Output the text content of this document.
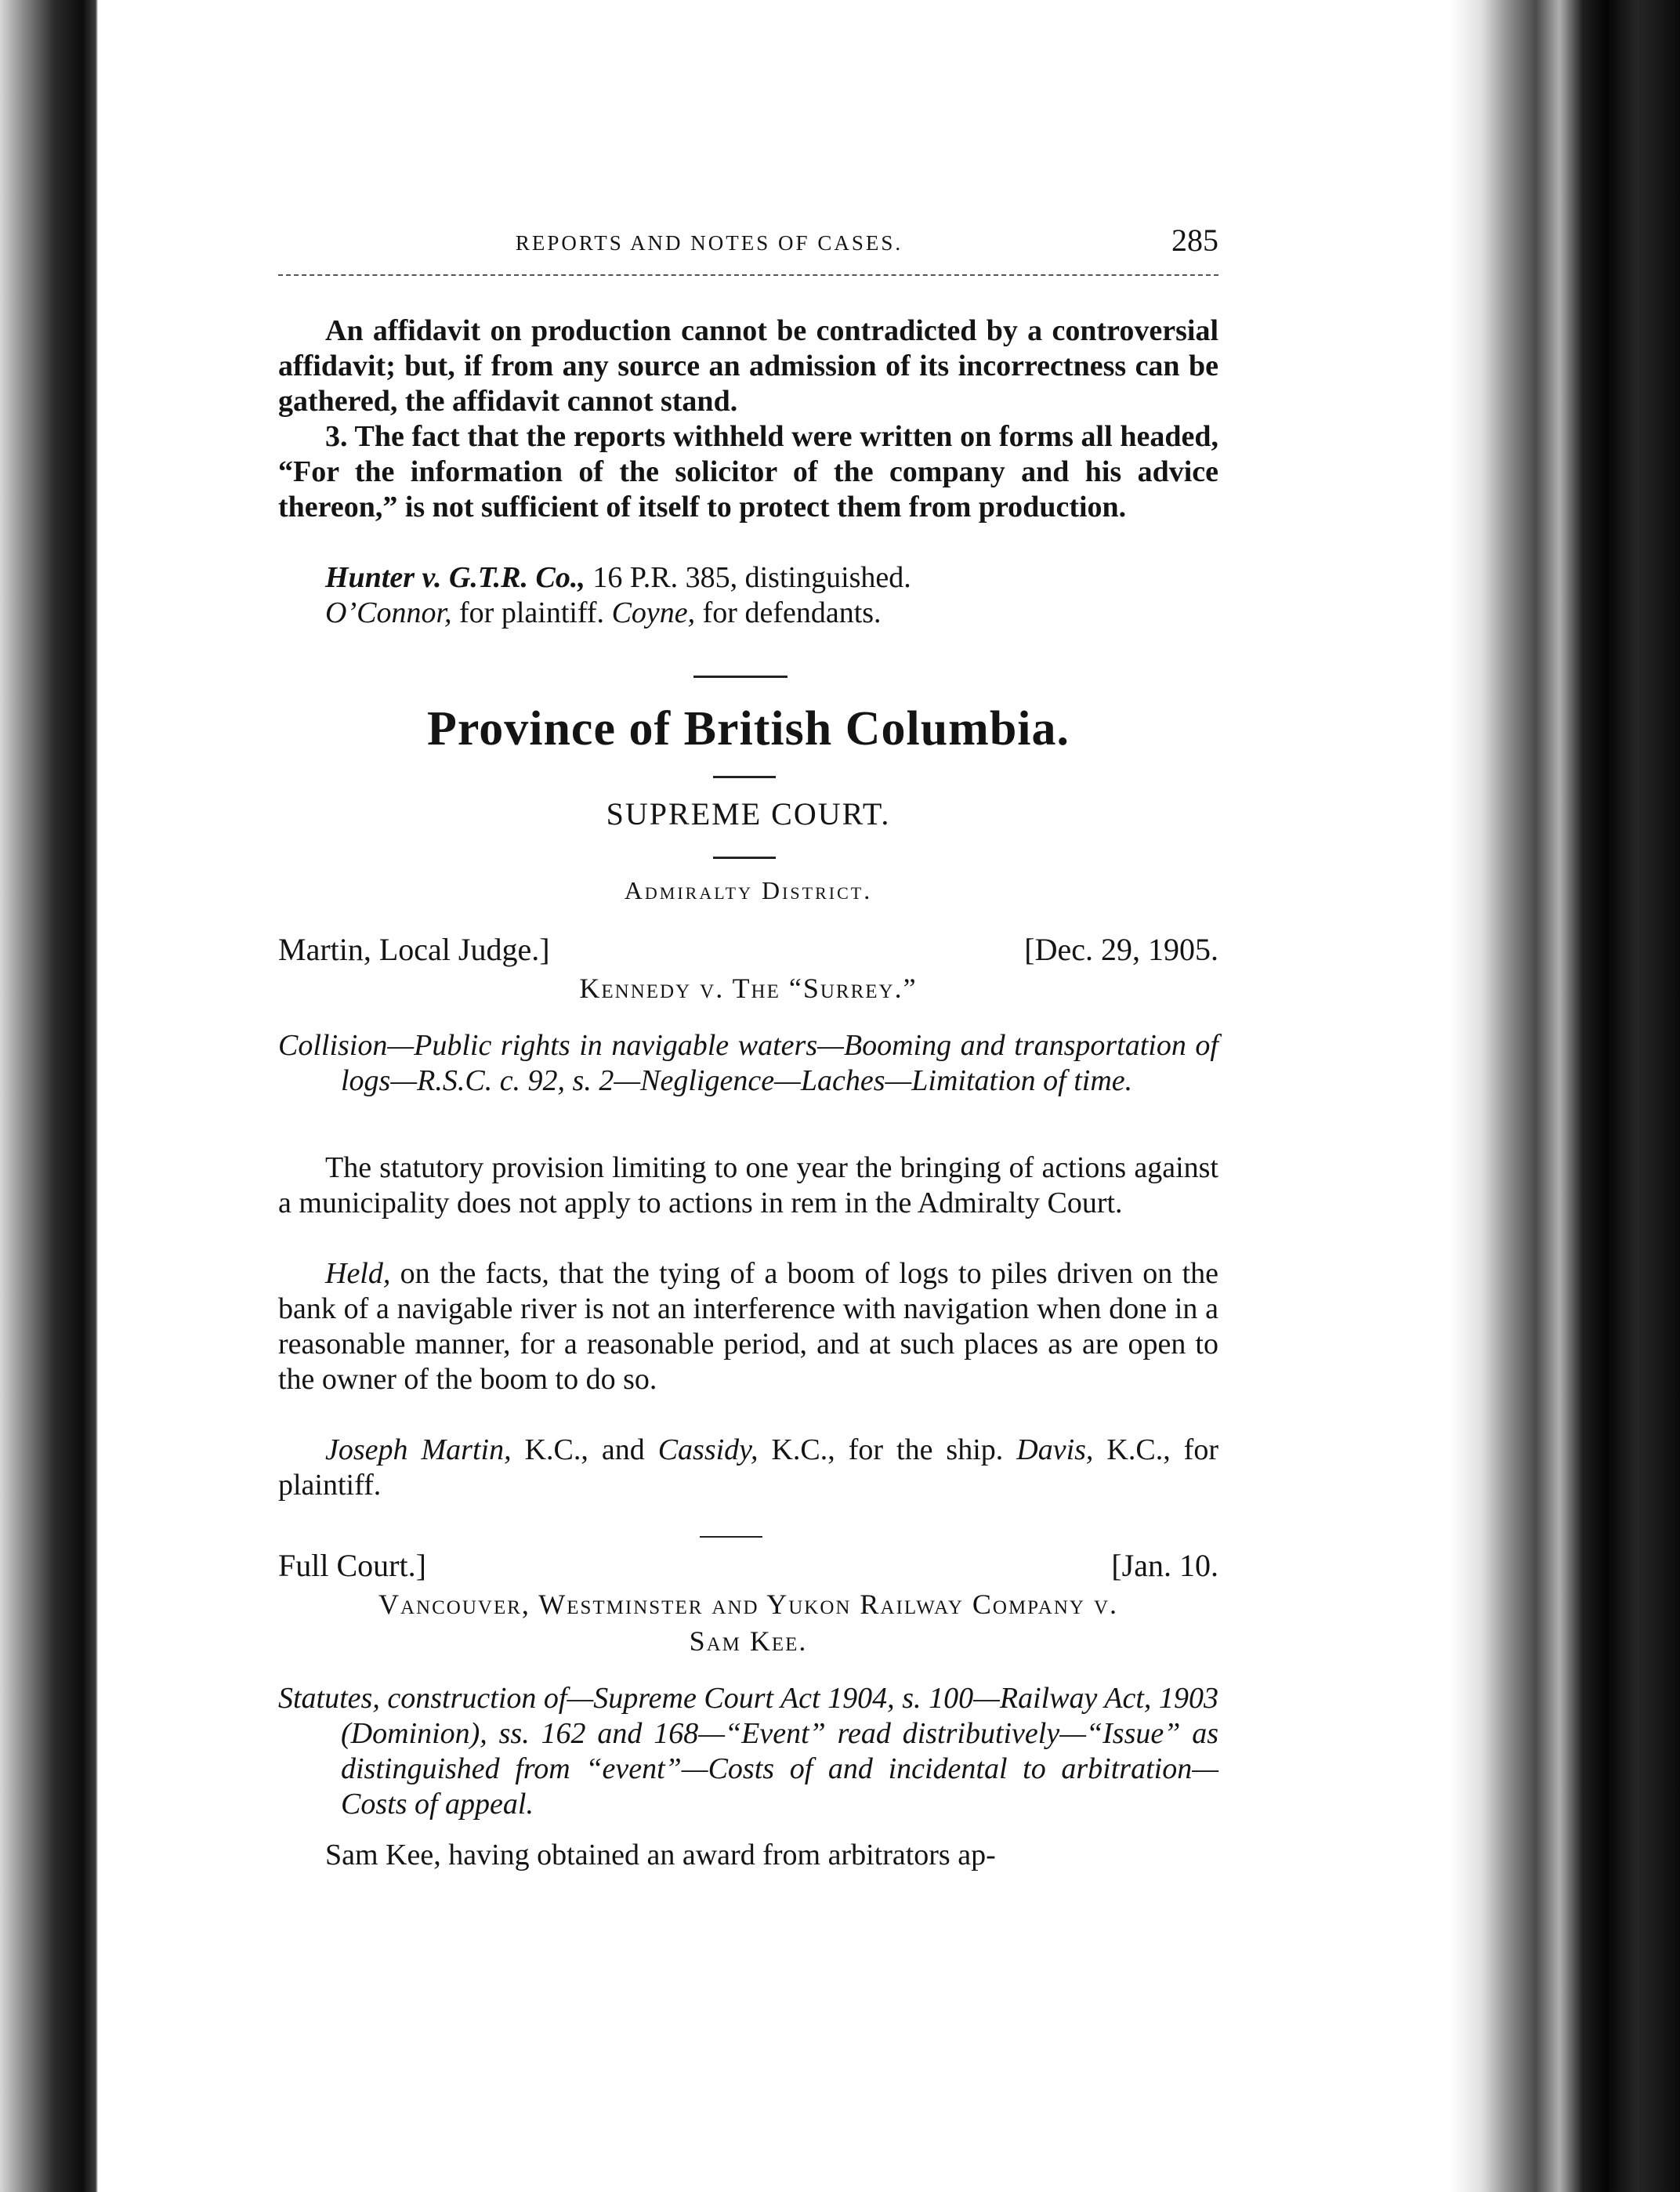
REPORTS AND NOTES OF CASES.	285

An affidavit on production cannot be contradicted by a controversial affidavit; but, if from any source an admission of its incorrectness can be gathered, the affidavit cannot stand.

3. The fact that the reports withheld were written on forms all headed, “For the information of the solicitor of the company and his advice thereon,” is not sufficient of itself to protect them from production.

Hunter v. G.T.R. Co., 16 P.R. 385, distinguished.

O’Connor, for plaintiff. Coyne, for defendants.

Province of British Columbia.
SUPREME COURT.
Admiralty District.
Martin, Local Judge.]	[Dec. 29, 1905.
Kennedy v. The “Surrey.”

Collision—Public rights in navigable waters—Booming and transportation of logs—R.S.C. c. 92, s. 2—Negligence—Laches—Limitation of time.

The statutory provision limiting to one year the bringing of actions against a municipality does not apply to actions in rem in the Admiralty Court.

Held, on the facts, that the tying of a boom of logs to piles driven on the bank of a navigable river is not an interference with navigation when done in a reasonable manner, for a reasonable period, and at such places as are open to the owner of the boom to do so.

Joseph Martin, K.C., and Cassidy, K.C., for the ship. Davis, K.C., for plaintiff.

Full Court.]	[Jan. 10.
Vancouver, Westminster and Yukon Railway Company v.
Sam Kee.

Statutes, construction of—Supreme Court Act 1904, s. 100—Railway Act, 1903 (Dominion), ss. 162 and 168—“Event” read distributively—“Issue” as distinguished from “event”—Costs of and incidental to arbitration—Costs of appeal.

Sam Kee, having obtained an award from arbitrators ap-
